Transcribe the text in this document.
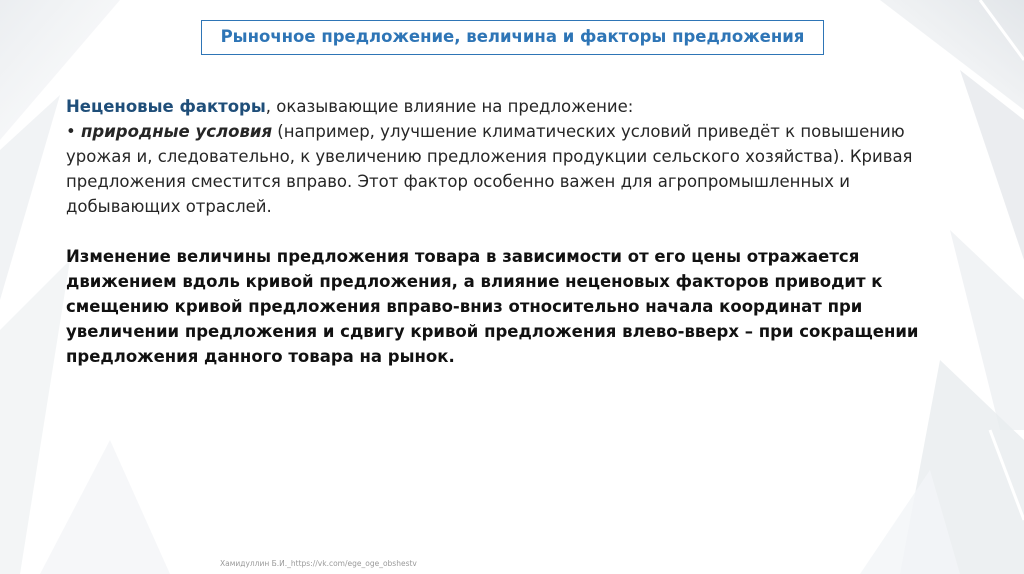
Рыночное предложение, величина и факторы предложения

Неценовые факторы, оказывающие влияние на предложение:

• природные условия (например, улучшение климатических условий приведёт к повышению урожая и, следовательно, к увеличению предложения продукции сельского хозяйства). Кривая предложения сместится вправо. Этот фактор особенно важен для агропромышленных и добывающих отраслей.

Изменение величины предложения товара в зависимости от его цены отражается движением вдоль кривой предложения, а влияние неценовых факторов приводит к смещению кривой предложения вправо-вниз относительно начала координат при увеличении предложения и сдвигу кривой предложения влево-вверх – при сокращении предложения данного товара на рынок.

Хамидуллин Б.И._https://vk.com/ege_oge_obshestv
